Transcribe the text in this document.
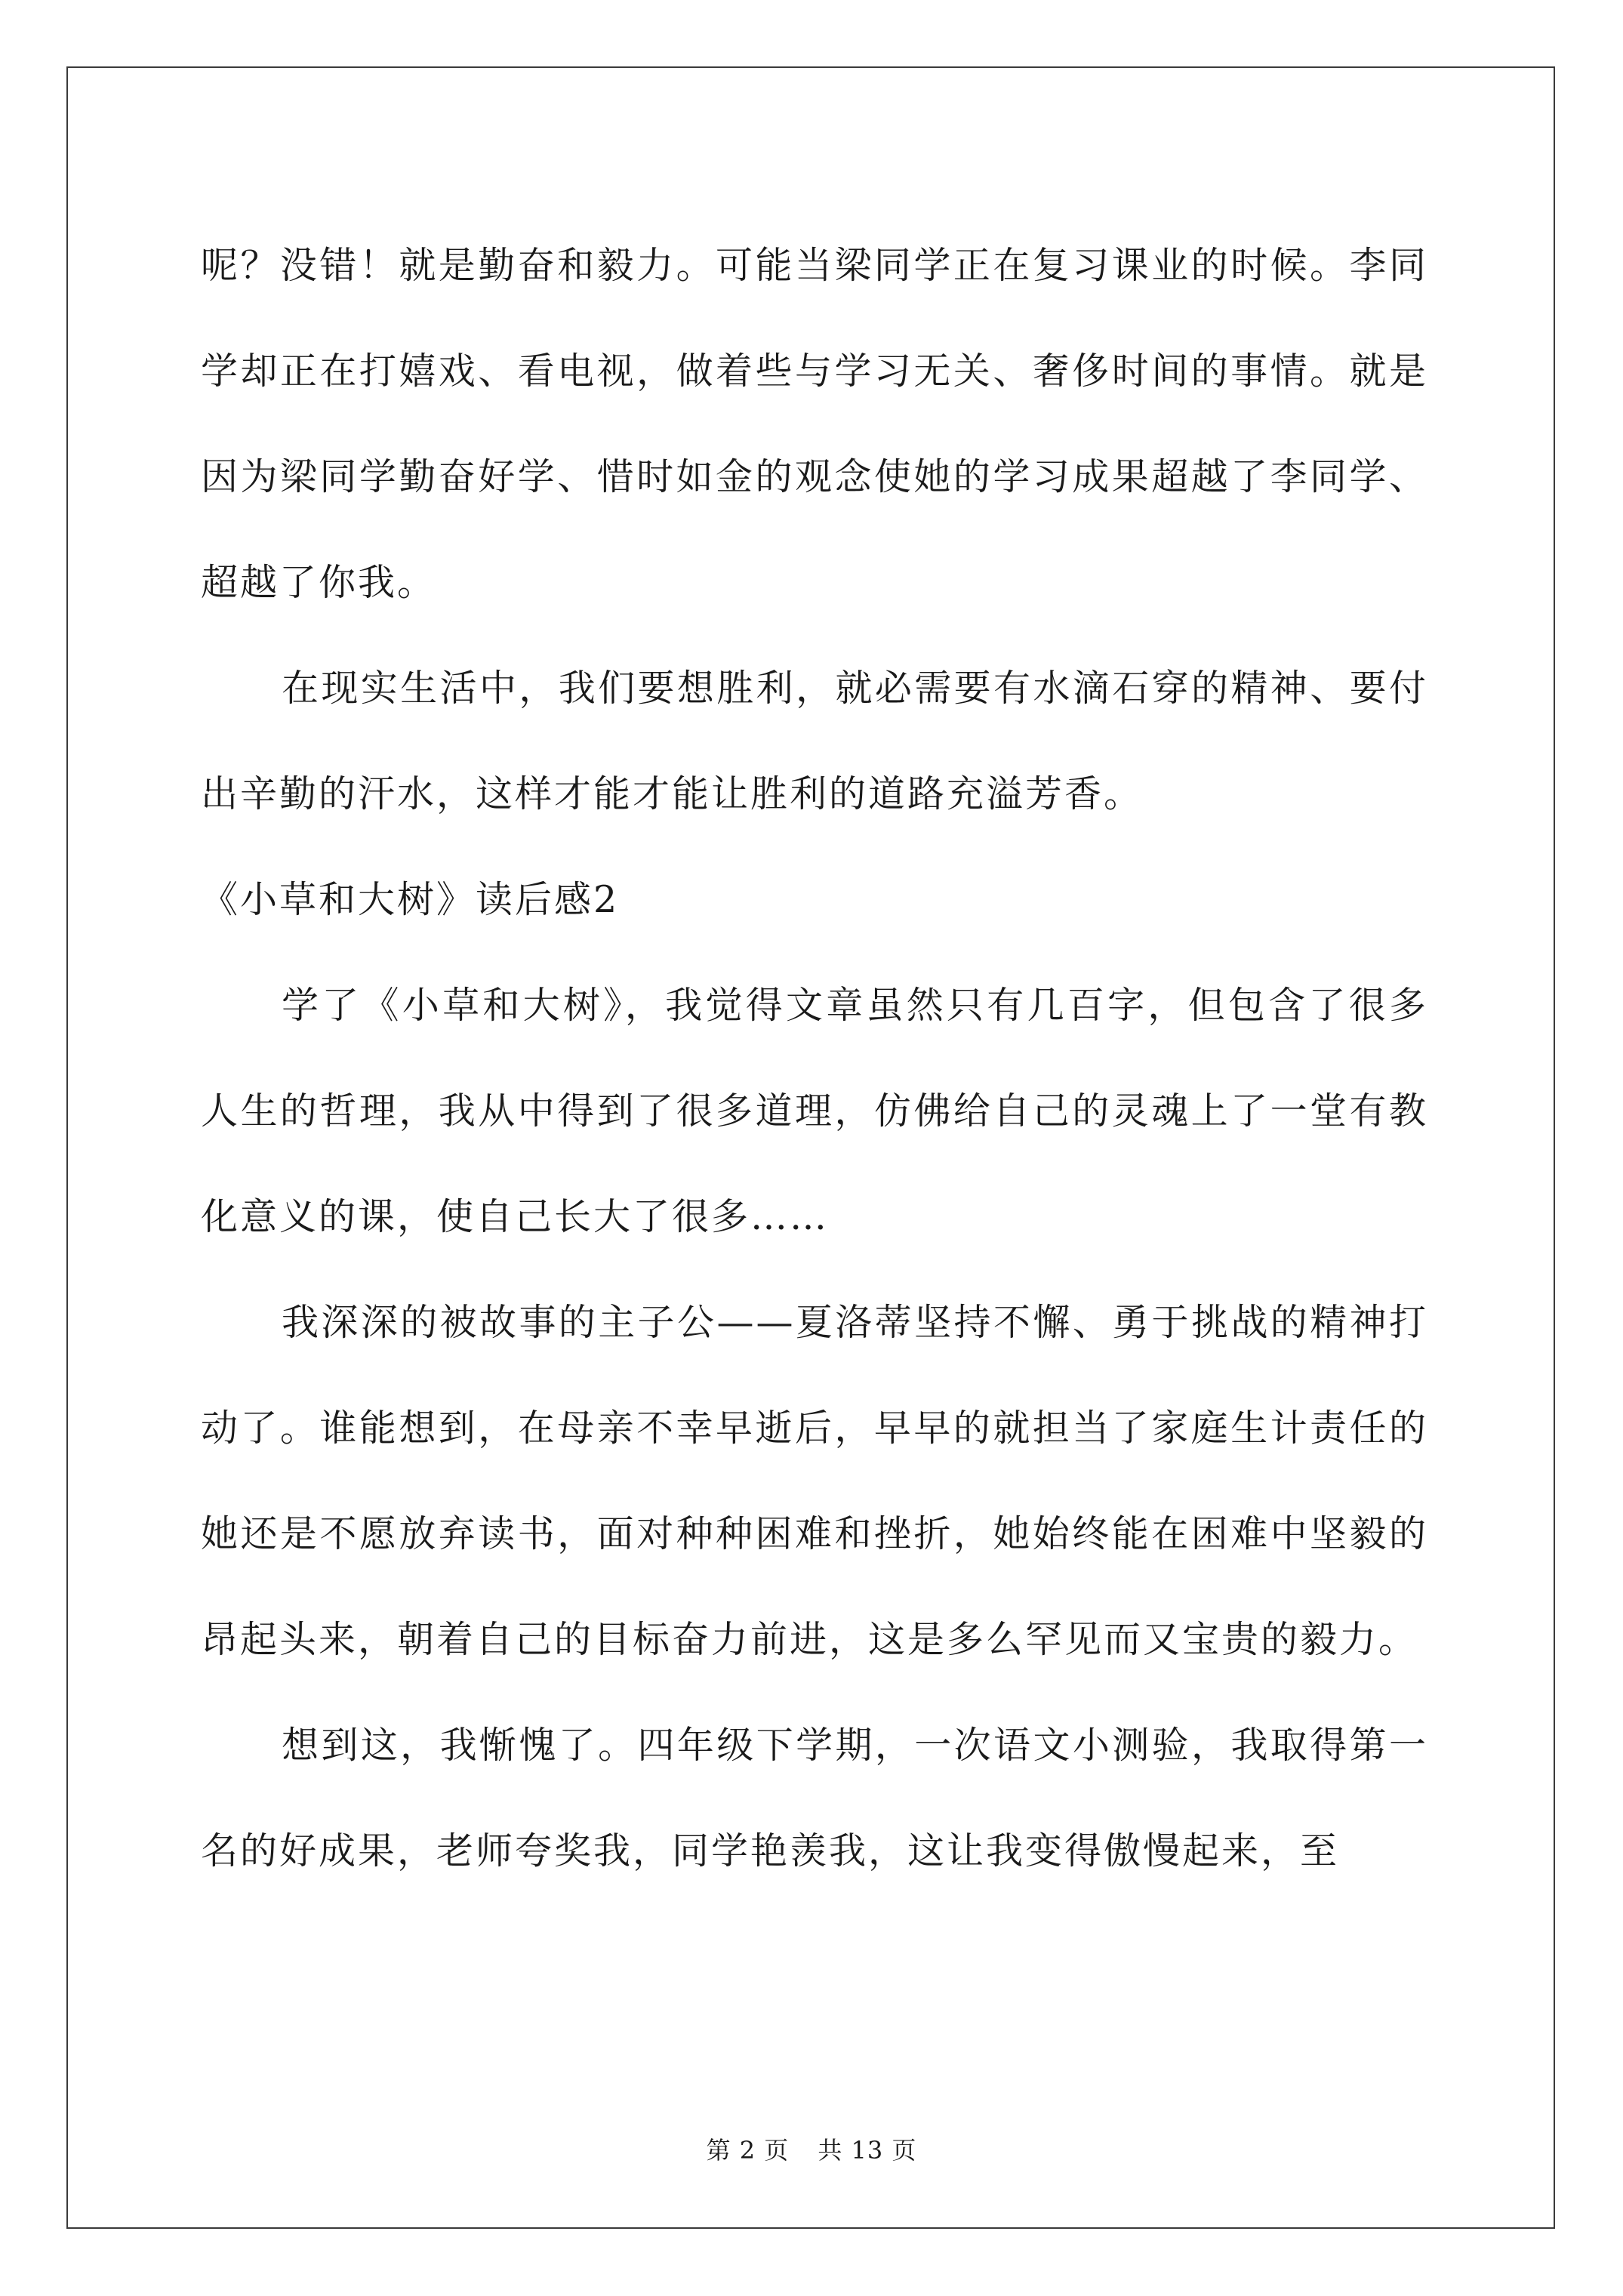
呢？没错！就是勤奋和毅力。可能当梁同学正在复习课业的时候。李同学却正在打嬉戏、看电视，做着些与学习无关、奢侈时间的事情。就是因为梁同学勤奋好学、惜时如金的观念使她的学习成果超越了李同学、超越了你我。

在现实生活中，我们要想胜利，就必需要有水滴石穿的精神、要付出辛勤的汗水，这样才能才能让胜利的道路充溢芳香。

《小草和大树》读后感2

学了《小草和大树》，我觉得文章虽然只有几百字，但包含了很多人生的哲理，我从中得到了很多道理，仿佛给自己的灵魂上了一堂有教化意义的课，使自己长大了很多……

我深深的被故事的主子公——夏洛蒂坚持不懈、勇于挑战的精神打动了。谁能想到，在母亲不幸早逝后，早早的就担当了家庭生计责任的她还是不愿放弃读书，面对种种困难和挫折，她始终能在困难中坚毅的昂起头来，朝着自己的目标奋力前进，这是多么罕见而又宝贵的毅力。

想到这，我惭愧了。四年级下学期，一次语文小测验，我取得第一名的好成果，老师夸奖我，同学艳羡我，这让我变得傲慢起来，至

第 2 页 共 13 页
